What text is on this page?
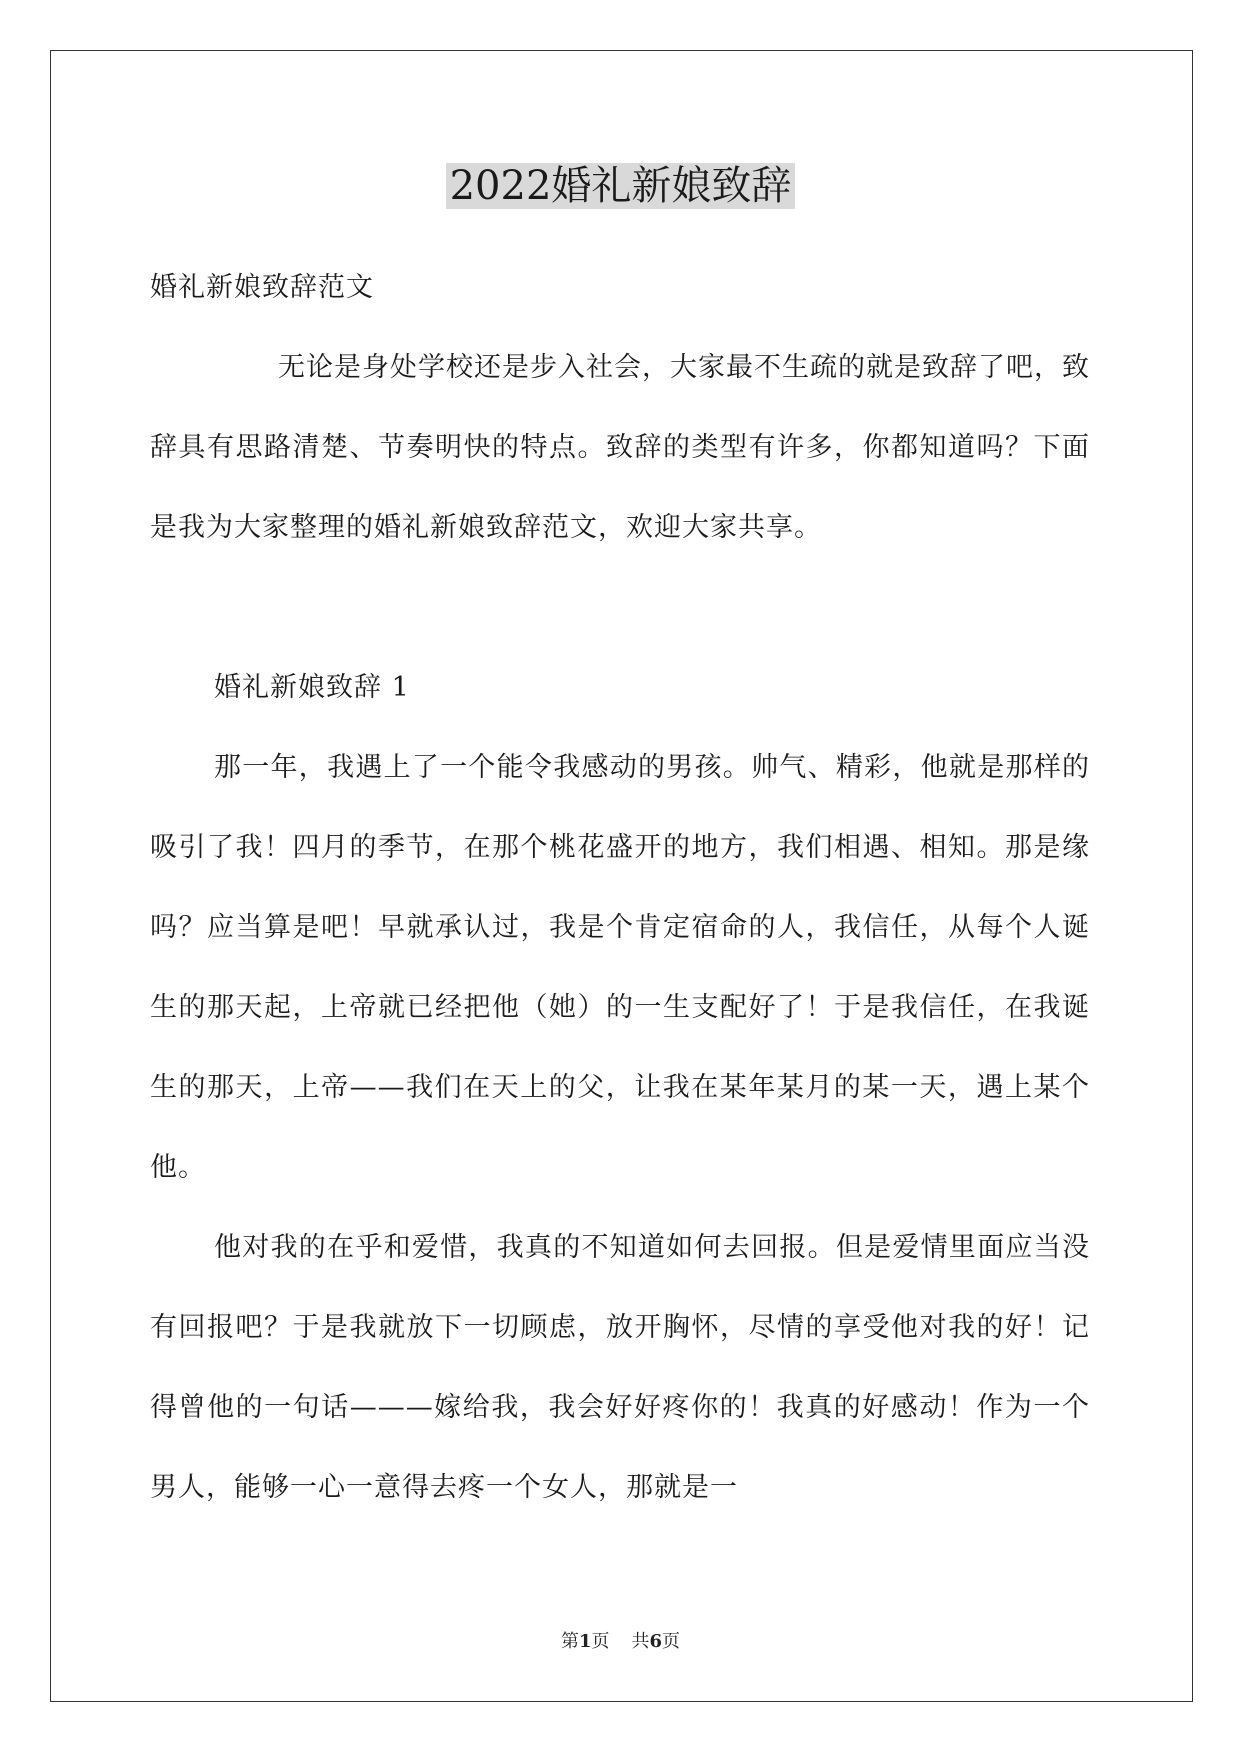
2022婚礼新娘致辞

婚礼新娘致辞范文

无论是身处学校还是步入社会，大家最不生疏的就是致辞了吧，致辞具有思路清楚、节奏明快的特点。致辞的类型有许多，你都知道吗？下面是我为大家整理的婚礼新娘致辞范文，欢迎大家共享。

婚礼新娘致辞 1

那一年，我遇上了一个能令我感动的男孩。帅气、精彩，他就是那样的吸引了我！四月的季节，在那个桃花盛开的地方，我们相遇、相知。那是缘吗？应当算是吧！早就承认过，我是个肯定宿命的人，我信任，从每个人诞生的那天起，上帝就已经把他（她）的一生支配好了！于是我信任，在我诞生的那天，上帝——我们在天上的父，让我在某年某月的某一天，遇上某个他。

他对我的在乎和爱惜，我真的不知道如何去回报。但是爱情里面应当没有回报吧？于是我就放下一切顾虑，放开胸怀，尽情的享受他对我的好！记得曾他的一句话———嫁给我，我会好好疼你的！我真的好感动！作为一个男人，能够一心一意得去疼一个女人，那就是一

第1页 共6页
